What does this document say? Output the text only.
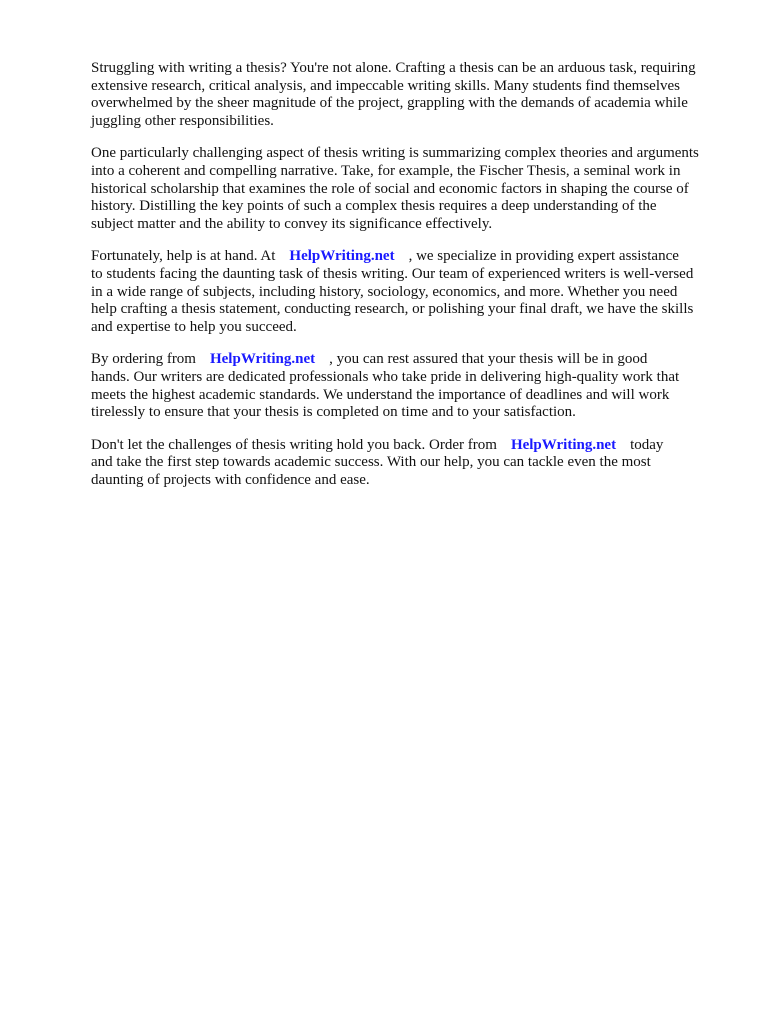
Struggling with writing a thesis? You're not alone. Crafting a thesis can be an arduous task, requiring
extensive research, critical analysis, and impeccable writing skills. Many students find themselves
overwhelmed by the sheer magnitude of the project, grappling with the demands of academia while
juggling other responsibilities.

One particularly challenging aspect of thesis writing is summarizing complex theories and arguments
into a coherent and compelling narrative. Take, for example, the Fischer Thesis, a seminal work in
historical scholarship that examines the role of social and economic factors in shaping the course of
history. Distilling the key points of such a complex thesis requires a deep understanding of the
subject matter and the ability to convey its significance effectively.

Fortunately, help is at hand. At HelpWriting.net , we specialize in providing expert assistance
to students facing the daunting task of thesis writing. Our team of experienced writers is well-versed
in a wide range of subjects, including history, sociology, economics, and more. Whether you need
help crafting a thesis statement, conducting research, or polishing your final draft, we have the skills
and expertise to help you succeed.

By ordering from HelpWriting.net , you can rest assured that your thesis will be in good
hands. Our writers are dedicated professionals who take pride in delivering high-quality work that
meets the highest academic standards. We understand the importance of deadlines and will work
tirelessly to ensure that your thesis is completed on time and to your satisfaction.

Don't let the challenges of thesis writing hold you back. Order from HelpWriting.net today
and take the first step towards academic success. With our help, you can tackle even the most
daunting of projects with confidence and ease.
